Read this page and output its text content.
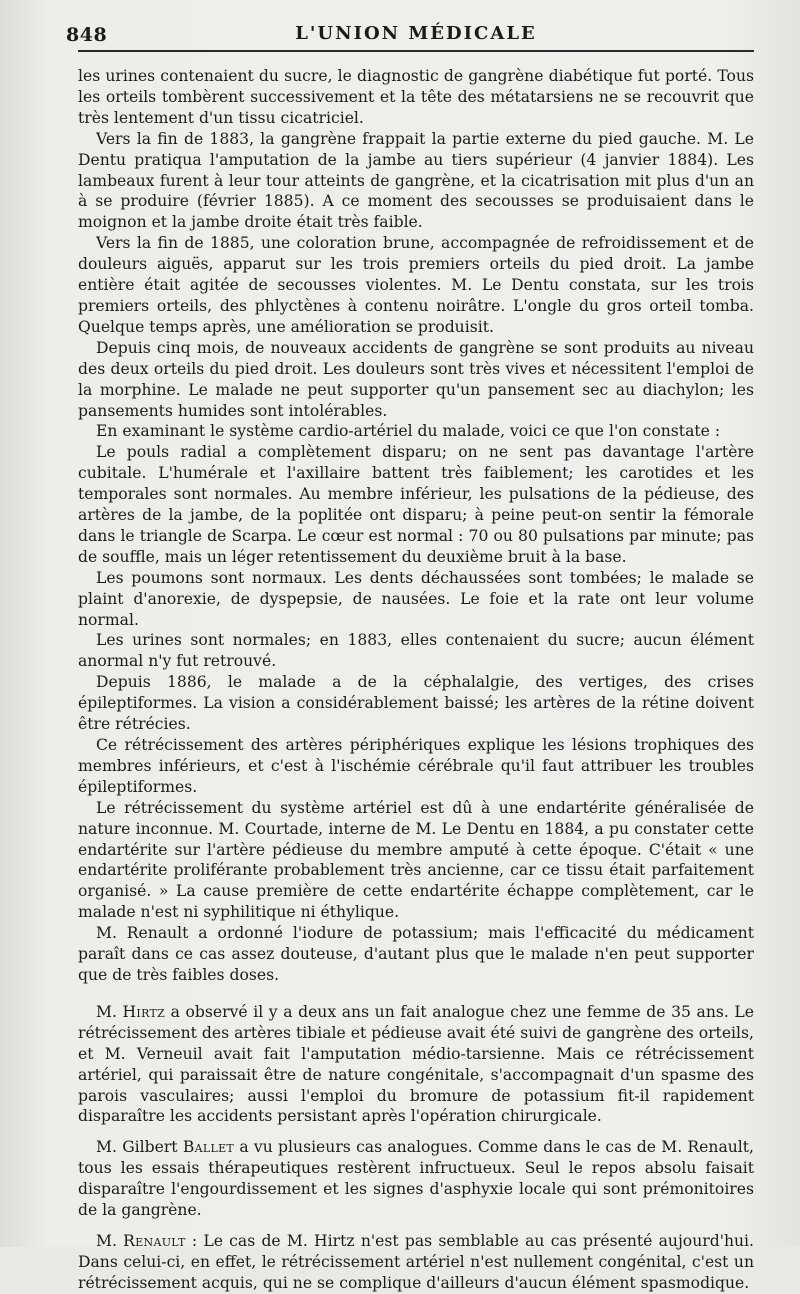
848	L'UNION MÉDICALE

les urines contenaient du sucre, le diagnostic de gangrène diabétique fut porté. Tous les orteils tombèrent successivement et la tête des métatarsiens ne se recouvrit que très lentement d'un tissu cicatriciel.

Vers la fin de 1883, la gangrène frappait la partie externe du pied gauche. M. Le Dentu pratiqua l'amputation de la jambe au tiers supérieur (4 janvier 1884). Les lambeaux furent à leur tour atteints de gangrène, et la cicatrisation mit plus d'un an à se produire (février 1885). A ce moment des secousses se produisaient dans le moignon et la jambe droite était très faible.

Vers la fin de 1885, une coloration brune, accompagnée de refroidissement et de douleurs aiguës, apparut sur les trois premiers orteils du pied droit. La jambe entière était agitée de secousses violentes. M. Le Dentu constata, sur les trois premiers orteils, des phlyctènes à contenu noirâtre. L'ongle du gros orteil tomba. Quelque temps après, une amélioration se produisit.

Depuis cinq mois, de nouveaux accidents de gangrène se sont produits au niveau des deux orteils du pied droit. Les douleurs sont très vives et nécessitent l'emploi de la morphine. Le malade ne peut supporter qu'un pansement sec au diachylon; les pansements humides sont intolérables.

En examinant le système cardio-artériel du malade, voici ce que l'on constate :

Le pouls radial a complètement disparu; on ne sent pas davantage l'artère cubitale. L'humérale et l'axillaire battent très faiblement; les carotides et les temporales sont normales. Au membre inférieur, les pulsations de la pédieuse, des artères de la jambe, de la poplitée ont disparu; à peine peut-on sentir la fémorale dans le triangle de Scarpa. Le cœur est normal : 70 ou 80 pulsations par minute; pas de souffle, mais un léger retentissement du deuxième bruit à la base.

Les poumons sont normaux. Les dents déchaussées sont tombées; le malade se plaint d'anorexie, de dyspepsie, de nausées. Le foie et la rate ont leur volume normal.

Les urines sont normales; en 1883, elles contenaient du sucre; aucun élément anormal n'y fut retrouvé.

Depuis 1886, le malade a de la céphalalgie, des vertiges, des crises épileptiformes. La vision a considérablement baissé; les artères de la rétine doivent être rétrécies.

Ce rétrécissement des artères périphériques explique les lésions trophiques des membres inférieurs, et c'est à l'ischémie cérébrale qu'il faut attribuer les troubles épileptiformes.

Le rétrécissement du système artériel est dû à une endartérite généralisée de nature inconnue. M. Courtade, interne de M. Le Dentu en 1884, a pu constater cette endartérite sur l'artère pédieuse du membre amputé à cette époque. C'était « une endartérite proliférante probablement très ancienne, car ce tissu était parfaitement organisé. » La cause première de cette endartérite échappe complètement, car le malade n'est ni syphilitique ni éthylique.

M. Renault a ordonné l'iodure de potassium; mais l'efficacité du médicament paraît dans ce cas assez douteuse, d'autant plus que le malade n'en peut supporter que de très faibles doses.

M. Hirtz a observé il y a deux ans un fait analogue chez une femme de 35 ans. Le rétrécissement des artères tibiale et pédieuse avait été suivi de gangrène des orteils, et M. Verneuil avait fait l'amputation médio-tarsienne. Mais ce rétrécissement artériel, qui paraissait être de nature congénitale, s'accompagnait d'un spasme des parois vasculaires; aussi l'emploi du bromure de potassium fit-il rapidement disparaître les accidents persistant après l'opération chirurgicale.

M. Gilbert Ballet a vu plusieurs cas analogues. Comme dans le cas de M. Renault, tous les essais thérapeutiques restèrent infructueux. Seul le repos absolu faisait disparaître l'engourdissement et les signes d'asphyxie locale qui sont prémonitoires de la gangrène.

M. Renault : Le cas de M. Hirtz n'est pas semblable au cas présenté aujourd'hui. Dans celui-ci, en effet, le rétrécissement artériel n'est nullement congénital, c'est un rétrécissement acquis, qui ne se complique d'ailleurs d'aucun élément spasmodique.
